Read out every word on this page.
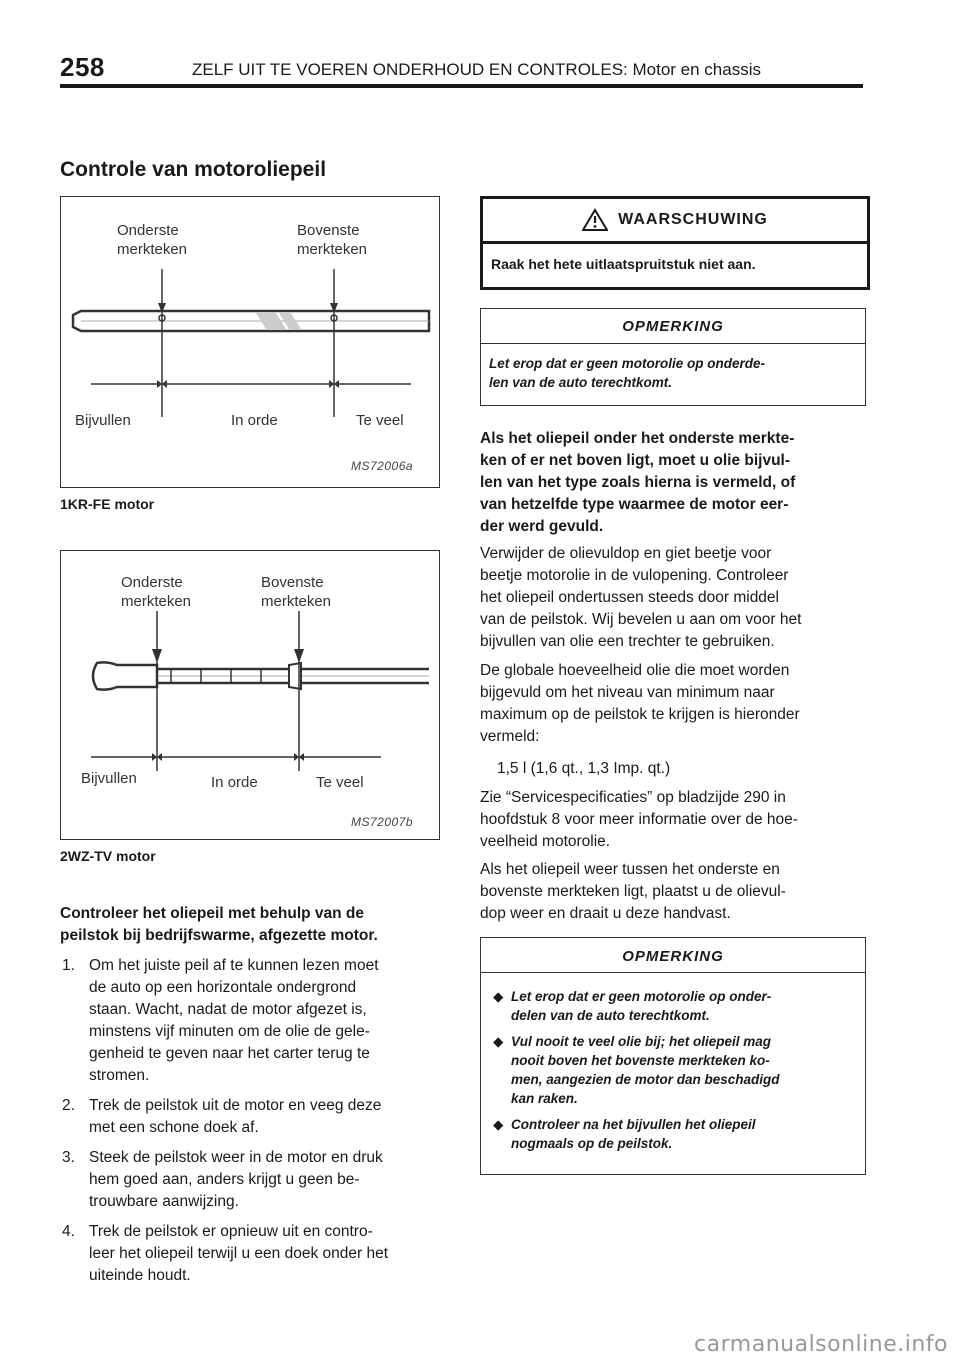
258	ZELF UIT TE VOEREN ONDERHOUD EN CONTROLES: Motor en chassis
Controle van motoroliepeil
Onderste
merkteken
Bovenste
merkteken
Bijvullen	In orde	Te veel
MS72006a
1KR-FE motor
Onderste
merkteken
Bovenste
merkteken
Bijvullen	In orde	Te veel
MS72007b
2WZ-TV motor
Controleer het oliepeil met behulp van de
peilstok bij bedrijfswarme, afgezette motor.
1. Om het juiste peil af te kunnen lezen moet
de auto op een horizontale ondergrond
staan. Wacht, nadat de motor afgezet is,
minstens vijf minuten om de olie de gele-
genheid te geven naar het carter terug te
stromen.
2. Trek de peilstok uit de motor en veeg deze
met een schone doek af.
3. Steek de peilstok weer in de motor en druk
hem goed aan, anders krijgt u geen be-
trouwbare aanwijzing.
4. Trek de peilstok er opnieuw uit en contro-
leer het oliepeil terwijl u een doek onder het
uiteinde houdt.
WAARSCHUWING
Raak het hete uitlaatspruitstuk niet aan.
OPMERKING
Let erop dat er geen motorolie op onderde-
len van de auto terechtkomt.
Als het oliepeil onder het onderste merkte-
ken of er net boven ligt, moet u olie bijvul-
len van het type zoals hierna is vermeld, of
van hetzelfde type waarmee de motor eer-
der werd gevuld.
Verwijder de olievuldop en giet beetje voor
beetje motorolie in de vulopening. Controleer
het oliepeil ondertussen steeds door middel
van de peilstok. Wij bevelen u aan om voor het
bijvullen van olie een trechter te gebruiken.
De globale hoeveelheid olie die moet worden
bijgevuld om het niveau van minimum naar
maximum op de peilstok te krijgen is hieronder
vermeld:
1,5 l (1,6 qt., 1,3 Imp. qt.)
Zie “Servicespecificaties” op bladzijde 290 in
hoofdstuk 8 voor meer informatie over de hoe-
veelheid motorolie.
Als het oliepeil weer tussen het onderste en
bovenste merkteken ligt, plaatst u de olievul-
dop weer en draait u deze handvast.
OPMERKING
◆ Let erop dat er geen motorolie op onder-
delen van de auto terechtkomt.
◆ Vul nooit te veel olie bij; het oliepeil mag
nooit boven het bovenste merkteken ko-
men, aangezien de motor dan beschadigd
kan raken.
◆ Controleer na het bijvullen het oliepeil
nogmaals op de peilstok.
carmanualsonline.info
